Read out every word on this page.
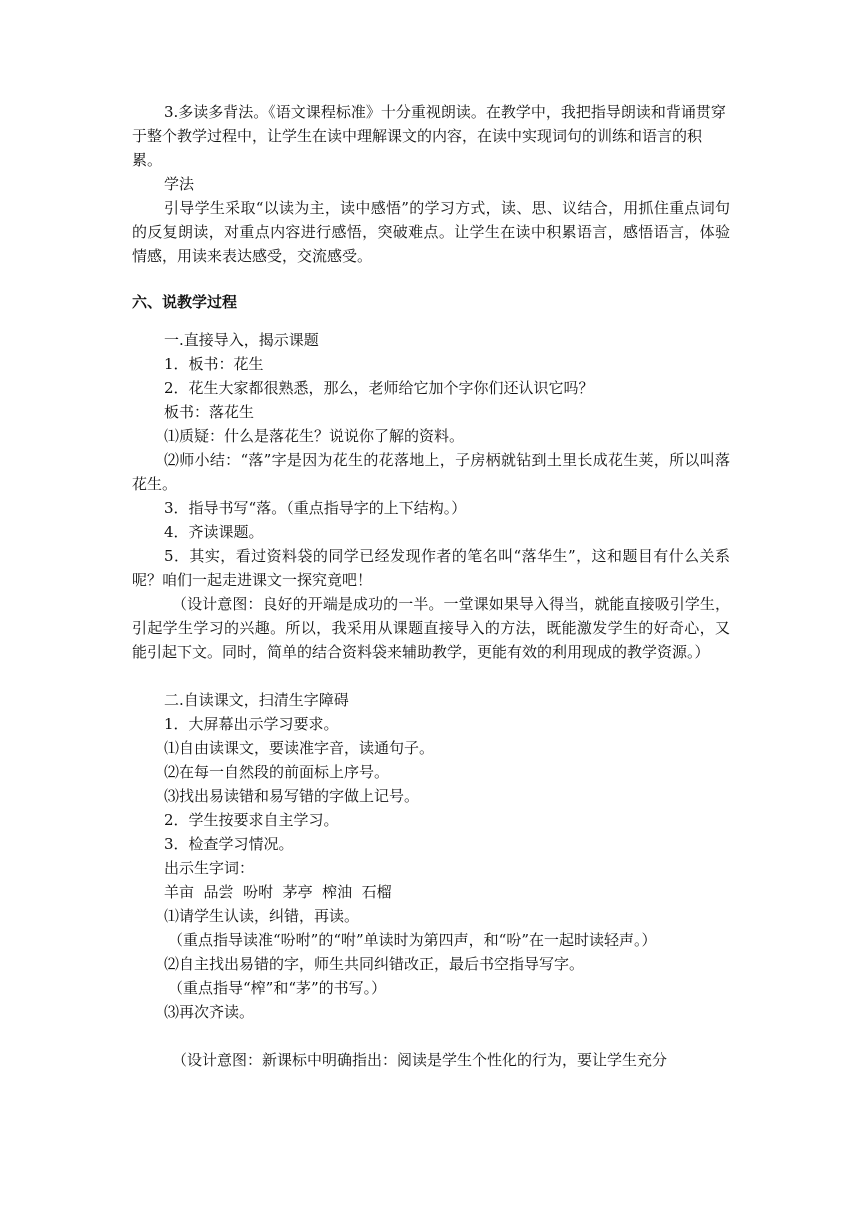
3.多读多背法。《语文课程标准》十分重视朗读。在教学中，我把指导朗读和背诵贯穿

于整个教学过程中，让学生在读中理解课文的内容，在读中实现词句的训练和语言的积累。

学法

引导学生采取“以读为主，读中感悟”的学习方式，读、思、议结合，用抓住重点词句的反复朗读，对重点内容进行感悟，突破难点。让学生在读中积累语言，感悟语言，体验情感，用读来表达感受，交流感受。

六、说教学过程

一.直接导入，揭示课题

1．板书：花生

2．花生大家都很熟悉，那么，老师给它加个字你们还认识它吗？

板书：落花生

⑴质疑：什么是落花生？说说你了解的资料。

⑵师小结：“落”字是因为花生的花落地上，子房柄就钻到土里长成花生荚，所以叫落花生。

3．指导书写“落。（重点指导字的上下结构。）

4．齐读课题。

5．其实，看过资料袋的同学已经发现作者的笔名叫“落华生”，这和题目有什么关系呢？咱们一起走进课文一探究竟吧！

（设计意图：良好的开端是成功的一半。一堂课如果导入得当，就能直接吸引学生，引起学生学习的兴趣。所以，我采用从课题直接导入的方法，既能激发学生的好奇心，又能引起下文。同时，简单的结合资料袋来辅助教学，更能有效的利用现成的教学资源。）

二.自读课文，扫清生字障碍

1．大屏幕出示学习要求。

⑴自由读课文，要读准字音，读通句子。

⑵在每一自然段的前面标上序号。

⑶找出易读错和易写错的字做上记号。

2．学生按要求自主学习。

3．检查学习情况。

出示生字词：

羊亩  品尝  吩咐  茅亭  榨油  石榴

⑴请学生认读，纠错，再读。

（重点指导读准“吩咐”的“咐”单读时为第四声，和“吩”在一起时读轻声。）

⑵自主找出易错的字，师生共同纠错改正，最后书空指导写字。

（重点指导“榨”和“茅”的书写。）

⑶再次齐读。

（设计意图：新课标中明确指出：阅读是学生个性化的行为，要让学生充分
